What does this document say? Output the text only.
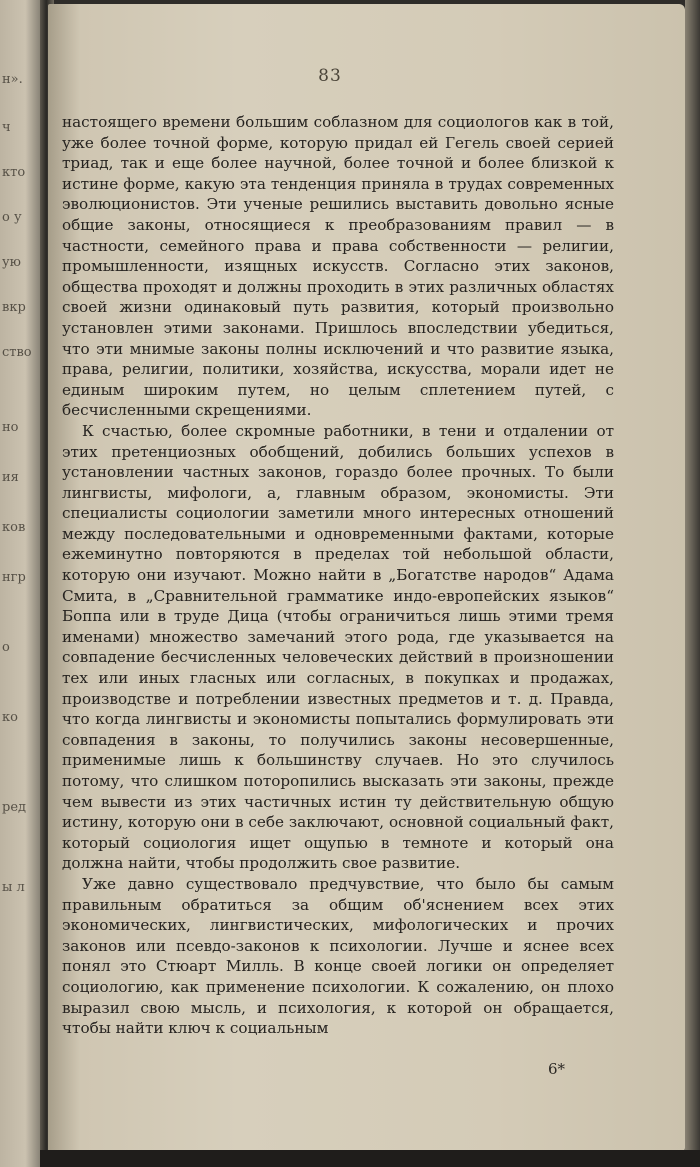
н».
ч
кто
о у
ую
вкр
ство
но
ия
ков
нгр
о
ко
ред
ы л
83

настоящего времени большим соблазном для социологов как в той, уже более точной форме, которую придал ей Гегель своей серией триад, так и еще более научной, более точной и более близкой к истине форме, какую эта тенденция приняла в трудах современных эволюционистов. Эти ученые решились выставить довольно ясные общие законы, относящиеся к преобразованиям правил — в частности, семейного права и права собственности — религии, промышленности, изящных искусств. Согласно этих законов, общества проходят и должны проходить в этих различных областях своей жизни одинаковый путь развития, который произвольно установлен этими законами. Пришлось впоследствии убедиться, что эти мнимые законы полны исключений и что развитие языка, права, религии, политики, хозяйства, искусства, морали идет не единым широким путем, но целым сплетением путей, с бесчисленными скрещениями.

К счастью, более скромные работники, в тени и отдалении от этих претенциозных обобщений, добились больших успехов в установлении частных законов, гораздо более прочных. То были лингвисты, мифологи, а, главным образом, экономисты. Эти специалисты социологии заметили много интересных отношений между последовательными и одновременными фактами, которые ежеминутно повторяются в пределах той небольшой области, которую они изучают. Можно найти в „Богатстве народов“ Адама Смита, в „Сравнительной грамматике индо-европейских языков“ Боппа или в труде Дица (чтобы ограничиться лишь этими тремя именами) множество замечаний этого рода, где указывается на совпадение бесчисленных человеческих действий в произношении тех или иных гласных или согласных, в покупках и продажах, производстве и потреблении известных предметов и т. д. Правда, что когда лингвисты и экономисты попытались формулировать эти совпадения в законы, то получились законы несовершенные, применимые лишь к большинству случаев. Но это случилось потому, что слишком поторопились высказать эти законы, прежде чем вывести из этих частичных истин ту действительную общую истину, которую они в себе заключают, основной социальный факт, который социология ищет ощупью в темноте и который она должна найти, чтобы продолжить свое развитие.

Уже давно существовало предчувствие, что было бы самым правильным обратиться за общим об'яснением всех этих экономических, лингвистических, мифологических и прочих законов или псевдо-законов к психологии. Лучше и яснее всех понял это Стюарт Милль. В конце своей логики он определяет социологию, как применение психологии. К сожалению, он плохо выразил свою мысль, и психология, к которой он обращается, чтобы найти ключ к социальным

6*
